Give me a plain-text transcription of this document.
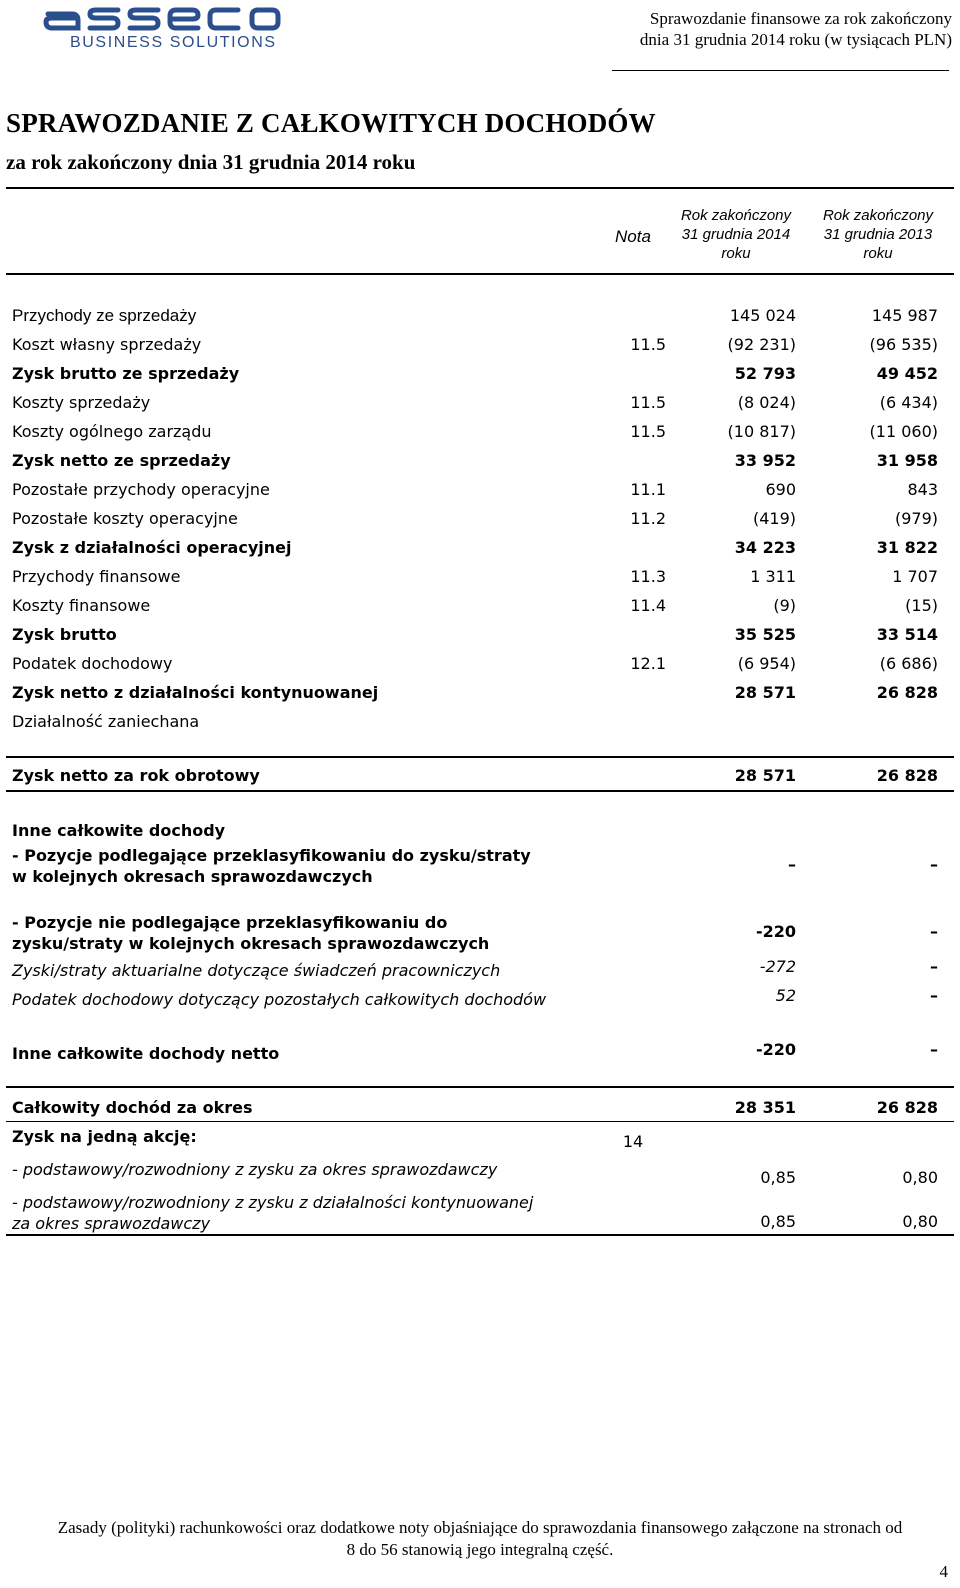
BUSINESS SOLUTIONS
Sprawozdanie finansowe za rok zakończony
dnia 31 grudnia 2014 roku (w tysiącach PLN)
SPRAWOZDANIE Z CAŁKOWITYCH DOCHODÓW
za rok zakończony dnia 31 grudnia 2014 roku
Nota
Rok zakończony
31 grudnia 2014
roku
Rok zakończony
31 grudnia 2013
roku
Przychody ze sprzedaży	145 024	145 987
Koszt własny sprzedaży	11.5	(92 231)	(96 535)
Zysk brutto ze sprzedaży	52 793	49 452
Koszty sprzedaży	11.5	(8 024)	(6 434)
Koszty ogólnego zarządu	11.5	(10 817)	(11 060)
Zysk netto ze sprzedaży	33 952	31 958
Pozostałe przychody operacyjne	11.1	690	843
Pozostałe koszty operacyjne	11.2	(419)	(979)
Zysk z działalności operacyjnej	34 223	31 822
Przychody finansowe	11.3	1 311	1 707
Koszty finansowe	11.4	(9)	(15)
Zysk brutto	35 525	33 514
Podatek dochodowy	12.1	(6 954)	(6 686)
Zysk netto z działalności kontynuowanej	28 571	26 828
Działalność zaniechana
Zysk netto za rok obrotowy	28 571	26 828
Inne całkowite dochody
- Pozycje podlegające przeklasyfikowaniu do zysku/straty
w kolejnych okresach sprawozdawczych
–	–
- Pozycje nie podlegające przeklasyfikowaniu do
zysku/straty w kolejnych okresach sprawozdawczych
-220	–
Zyski/straty aktuarialne dotyczące świadczeń pracowniczych	-272	–
Podatek dochodowy dotyczący pozostałych całkowitych dochodów	52	–
Inne całkowite dochody netto	-220	–
Całkowity dochód za okres	28 351	26 828
Zysk na jedną akcję:	14
- podstawowy/rozwodniony z zysku za okres sprawozdawczy	0,85	0,80
- podstawowy/rozwodniony z zysku z działalności kontynuowanej
za okres sprawozdawczy	0,85	0,80
Zasady (polityki) rachunkowości oraz dodatkowe noty objaśniające do sprawozdania finansowego załączone na stronach od
8 do 56 stanowią jego integralną część.
4
